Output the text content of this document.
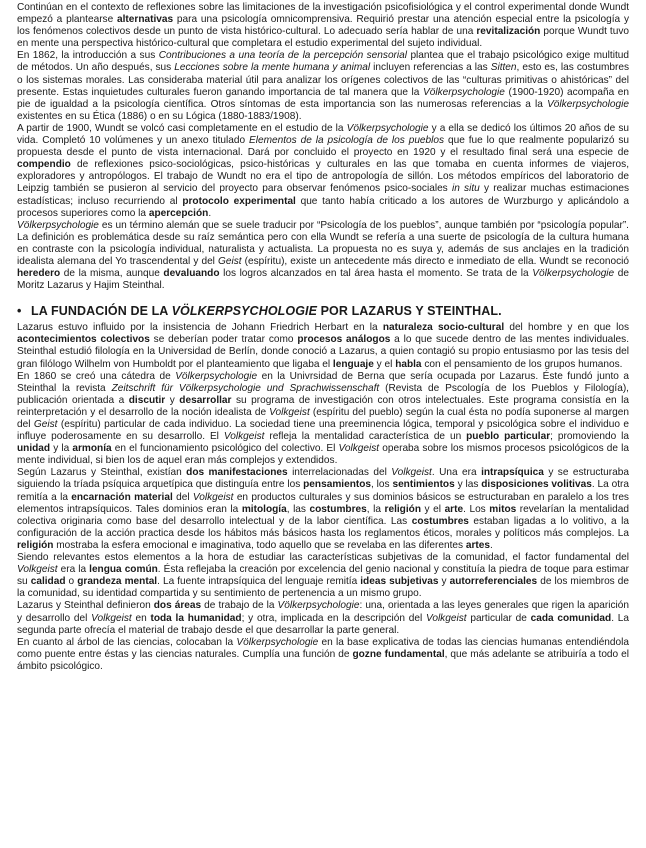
Continúan en el contexto de reflexiones sobre las limitaciones de la investigación psicofisiológica y el control experimental donde Wundt empezó a plantearse alternativas para una psicología omnicomprensiva. Requirió prestar una atención especial entre la psicología y los fenómenos colectivos desde un punto de vista histórico-cultural. Lo adecuado sería hablar de una revitalización porque Wundt tuvo en mente una perspectiva histórico-cultural que completara el estudio experimental del sujeto individual.

En 1862, la introducción a sus Contribuciones a una teoría de la percepción sensorial plantea que el trabajo psicológico exige multitud de métodos. Un año después, sus Lecciones sobre la mente humana y animal incluyen referencias a las Sitten, esto es, las costumbres o los sistemas morales. Las consideraba material útil para analizar los orígenes colectivos de las “culturas primitivas o ahistóricas” del presente. Estas inquietudes culturales fueron ganando importancia de tal manera que la Völkerpsychologie (1900-1920) acompaña en pie de igualdad a la psicología científica. Otros síntomas de esta importancia son las numerosas referencias a la Völkerpsychologie existentes en su Ética (1886) o en su Lógica (1880-1883/1908).

A partir de 1900, Wundt se volcó casi completamente en el estudio de la Völkerpsychologie y a ella se dedicó los últimos 20 años de su vida. Completó 10 volúmenes y un anexo titulado Elementos de la psicología de los pueblos que fue lo que realmente popularizó su propuesta desde el punto de vista internacional. Dará por concluido el proyecto en 1920 y el resultado final será una especie de compendio de reflexiones psico-sociológicas, psico-históricas y culturales en las que tomaba en cuenta informes de viajeros, exploradores y antropólogos. El trabajo de Wundt no era el tipo de antropología de sillón. Los métodos empíricos del laboratorio de Leipzig también se pusieron al servicio del proyecto para observar fenómenos psico-sociales in situ y realizar muchas estimaciones estadísticas; incluso recurriendo al protocolo experimental que tanto había criticado a los autores de Wurzburgo y aplicándolo a procesos superiores como la apercepción.

Völkerpsychologie es un término alemán que se suele traducir por “Psicología de los pueblos”, aunque también por “psicología popular”. La definición es problemática desde su raíz semántica pero con ella Wundt se refería a una suerte de psicología de la cultura humana en contraste con la psicología individual, naturalista y actualista. La propuesta no es suya y, además de sus anclajes en la tradición idealista alemana del Yo trascendental y del Geist (espíritu), existe un antecedente más directo e inmediato de ella. Wundt se reconoció heredero de la misma, aunque devaluando los logros alcanzados en tal área hasta el momento. Se trata de la Völkerpsychologie de Moritz Lazarus y Hajim Steinthal.

• LA FUNDACIÓN DE LA VÖLKERPSYCHOLOGIE POR LAZARUS Y STEINTHAL.

Lazarus estuvo influido por la insistencia de Johann Friedrich Herbart en la naturaleza socio-cultural del hombre y en que los acontecimientos colectivos se deberían poder tratar como procesos análogos a lo que sucede dentro de las mentes individuales. Steinthal estudió filología en la Universidad de Berlín, donde conoció a Lazarus, a quien contagió su propio entusiasmo por las tesis del gran filólogo Wilhelm von Humboldt por el planteamiento que ligaba el lenguaje y el habla con el pensamiento de los grupos humanos.

En 1860 se creó una cátedra de Völkerpsychologie en la Univrsidad de Berna que sería ocupada por Lazarus. Éste fundó junto a Steinthal la revista Zeitschrift für Völkerpsychologie und Sprachwissenschaft (Revista de Pscología de los Pueblos y Filología), publicación orientada a discutir y desarrollar su programa de investigación con otros intelectuales. Este programa consistía en la reinterpretación y el desarrollo de la noción idealista de Volkgeist (espíritu del pueblo) según la cual ésta no podía suponerse al margen del Geist (espíritu) particular de cada individuo. La sociedad tiene una preeminencia lógica, temporal y psicológica sobre el individuo e influye poderosamente en su desarrollo. El Volkgeist refleja la mentalidad característica de un pueblo particular; promoviendo la unidad y la armonía en el funcionamiento psicológico del colectivo. El Volkgeist operaba sobre los mismos procesos psicológicos de la mente individual, si bien los de aquel eran más complejos y extendidos.

Según Lazarus y Steinthal, existían dos manifestaciones interrelacionadas del Volkgeist. Una era intrapsíquica y se estructuraba siguiendo la tríada psíquica arquetípica que distinguía entre los pensamientos, los sentimientos y las disposiciones volitivas. La otra remitía a la encarnación material del Volkgeist en productos culturales y sus dominios básicos se estructuraban en paralelo a los tres elementos intrapsíquicos. Tales dominios eran la mitología, las costumbres, la religión y el arte. Los mitos revelarían la mentalidad colectiva originaria como base del desarrollo intelectual y de la labor científica. Las costumbres estaban ligadas a lo volitivo, a la configuración de la acción practica desde los hábitos más básicos hasta los reglamentos éticos, morales y políticos más complejos. La religión mostraba la esfera emocional e imaginativa, todo aquello que se revelaba en las diferentes artes.

Siendo relevantes estos elementos a la hora de estudiar las características subjetivas de la comunidad, el factor fundamental del Volkgeist era la lengua común. Ésta reflejaba la creación por excelencia del genio nacional y constituía la piedra de toque para estimar su calidad o grandeza mental. La fuente intrapsíquica del lenguaje remitía ideas subjetivas y autorreferenciales de los miembros de la comunidad, su identidad compartida y su sentimiento de pertenencia a un mismo grupo.

Lazarus y Steinthal definieron dos áreas de trabajo de la Völkerpsychologie: una, orientada a las leyes generales que rigen la aparición y desarrollo del Volkgeist en toda la humanidad; y otra, implicada en la descripción del Volkgeist particular de cada comunidad. La segunda parte ofrecía el material de trabajo desde el que desarrollar la parte general.

En cuanto al árbol de las ciencias, colocaban la Völkerpsychologie en la base explicativa de todas las ciencias humanas entendiéndola como puente entre éstas y las ciencias naturales. Cumplía una función de gozne fundamental, que más adelante se atribuiría a todo el ámbito psicológico.
